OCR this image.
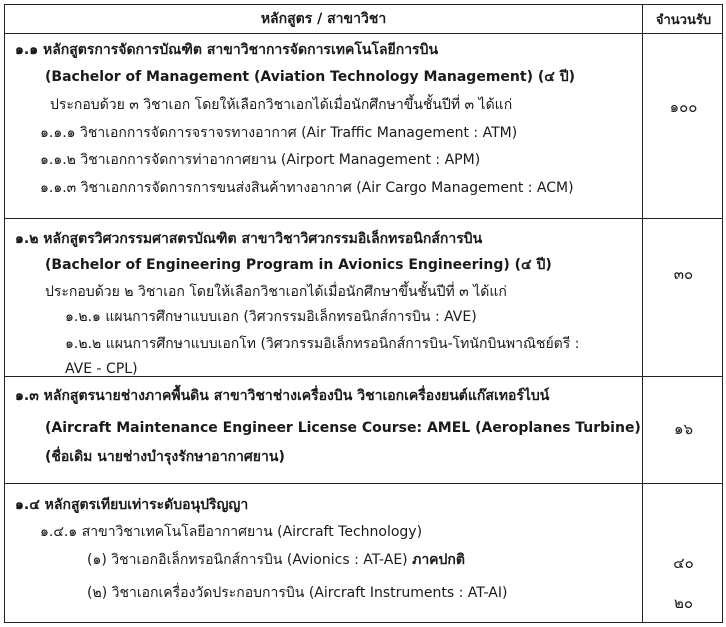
หลักสูตร / สาขาวิชา	จำนวนรับ
๑.๑ หลักสูตรการจัดการบัณฑิต สาขาวิชาการจัดการเทคโนโลยีการบิน
(Bachelor of Management (Aviation Technology Management) (๔ ปี)
ประกอบด้วย ๓ วิชาเอก โดยให้เลือกวิชาเอกได้เมื่อนักศึกษาขึ้นชั้นปีที่ ๓ ได้แก่
๑.๑.๑ วิชาเอกการจัดการจราจรทางอากาศ (Air Traffic Management : ATM)
๑.๑.๒ วิชาเอกการจัดการท่าอากาศยาน (Airport Management : APM)
๑.๑.๓ วิชาเอกการจัดการการขนส่งสินค้าทางอากาศ (Air Cargo Management : ACM)
๑๐๐
๑.๒ หลักสูตรวิศวกรรมศาสตรบัณฑิต สาขาวิชาวิศวกรรมอิเล็กทรอนิกส์การบิน
(Bachelor of Engineering Program in Avionics Engineering) (๔ ปี)
ประกอบด้วย ๒ วิชาเอก โดยให้เลือกวิชาเอกได้เมื่อนักศึกษาขึ้นชั้นปีที่ ๓ ได้แก่
๑.๒.๑ แผนการศึกษาแบบเอก (วิศวกรรมอิเล็กทรอนิกส์การบิน : AVE)
๑.๒.๒ แผนการศึกษาแบบเอกโท (วิศวกรรมอิเล็กทรอนิกส์การบิน-โทนักบินพาณิชย์ตรี :
AVE - CPL)
๓๐
๑.๓ หลักสูตรนายช่างภาคพื้นดิน สาขาวิชาช่างเครื่องบิน วิชาเอกเครื่องยนต์แก๊สเทอร์ไบน์
(Aircraft Maintenance Engineer License Course: AMEL (Aeroplanes Turbine)
(ชื่อเดิม นายช่างบำรุงรักษาอากาศยาน)
๑๖
๑.๔ หลักสูตรเทียบเท่าระดับอนุปริญญา
๑.๔.๑ สาขาวิชาเทคโนโลยีอากาศยาน (Aircraft Technology)
(๑) วิชาเอกอิเล็กทรอนิกส์การบิน (Avionics : AT-AE) ภาคปกติ
(๒) วิชาเอกเครื่องวัดประกอบการบิน (Aircraft Instruments : AT-AI)
๔๐
๒๐
